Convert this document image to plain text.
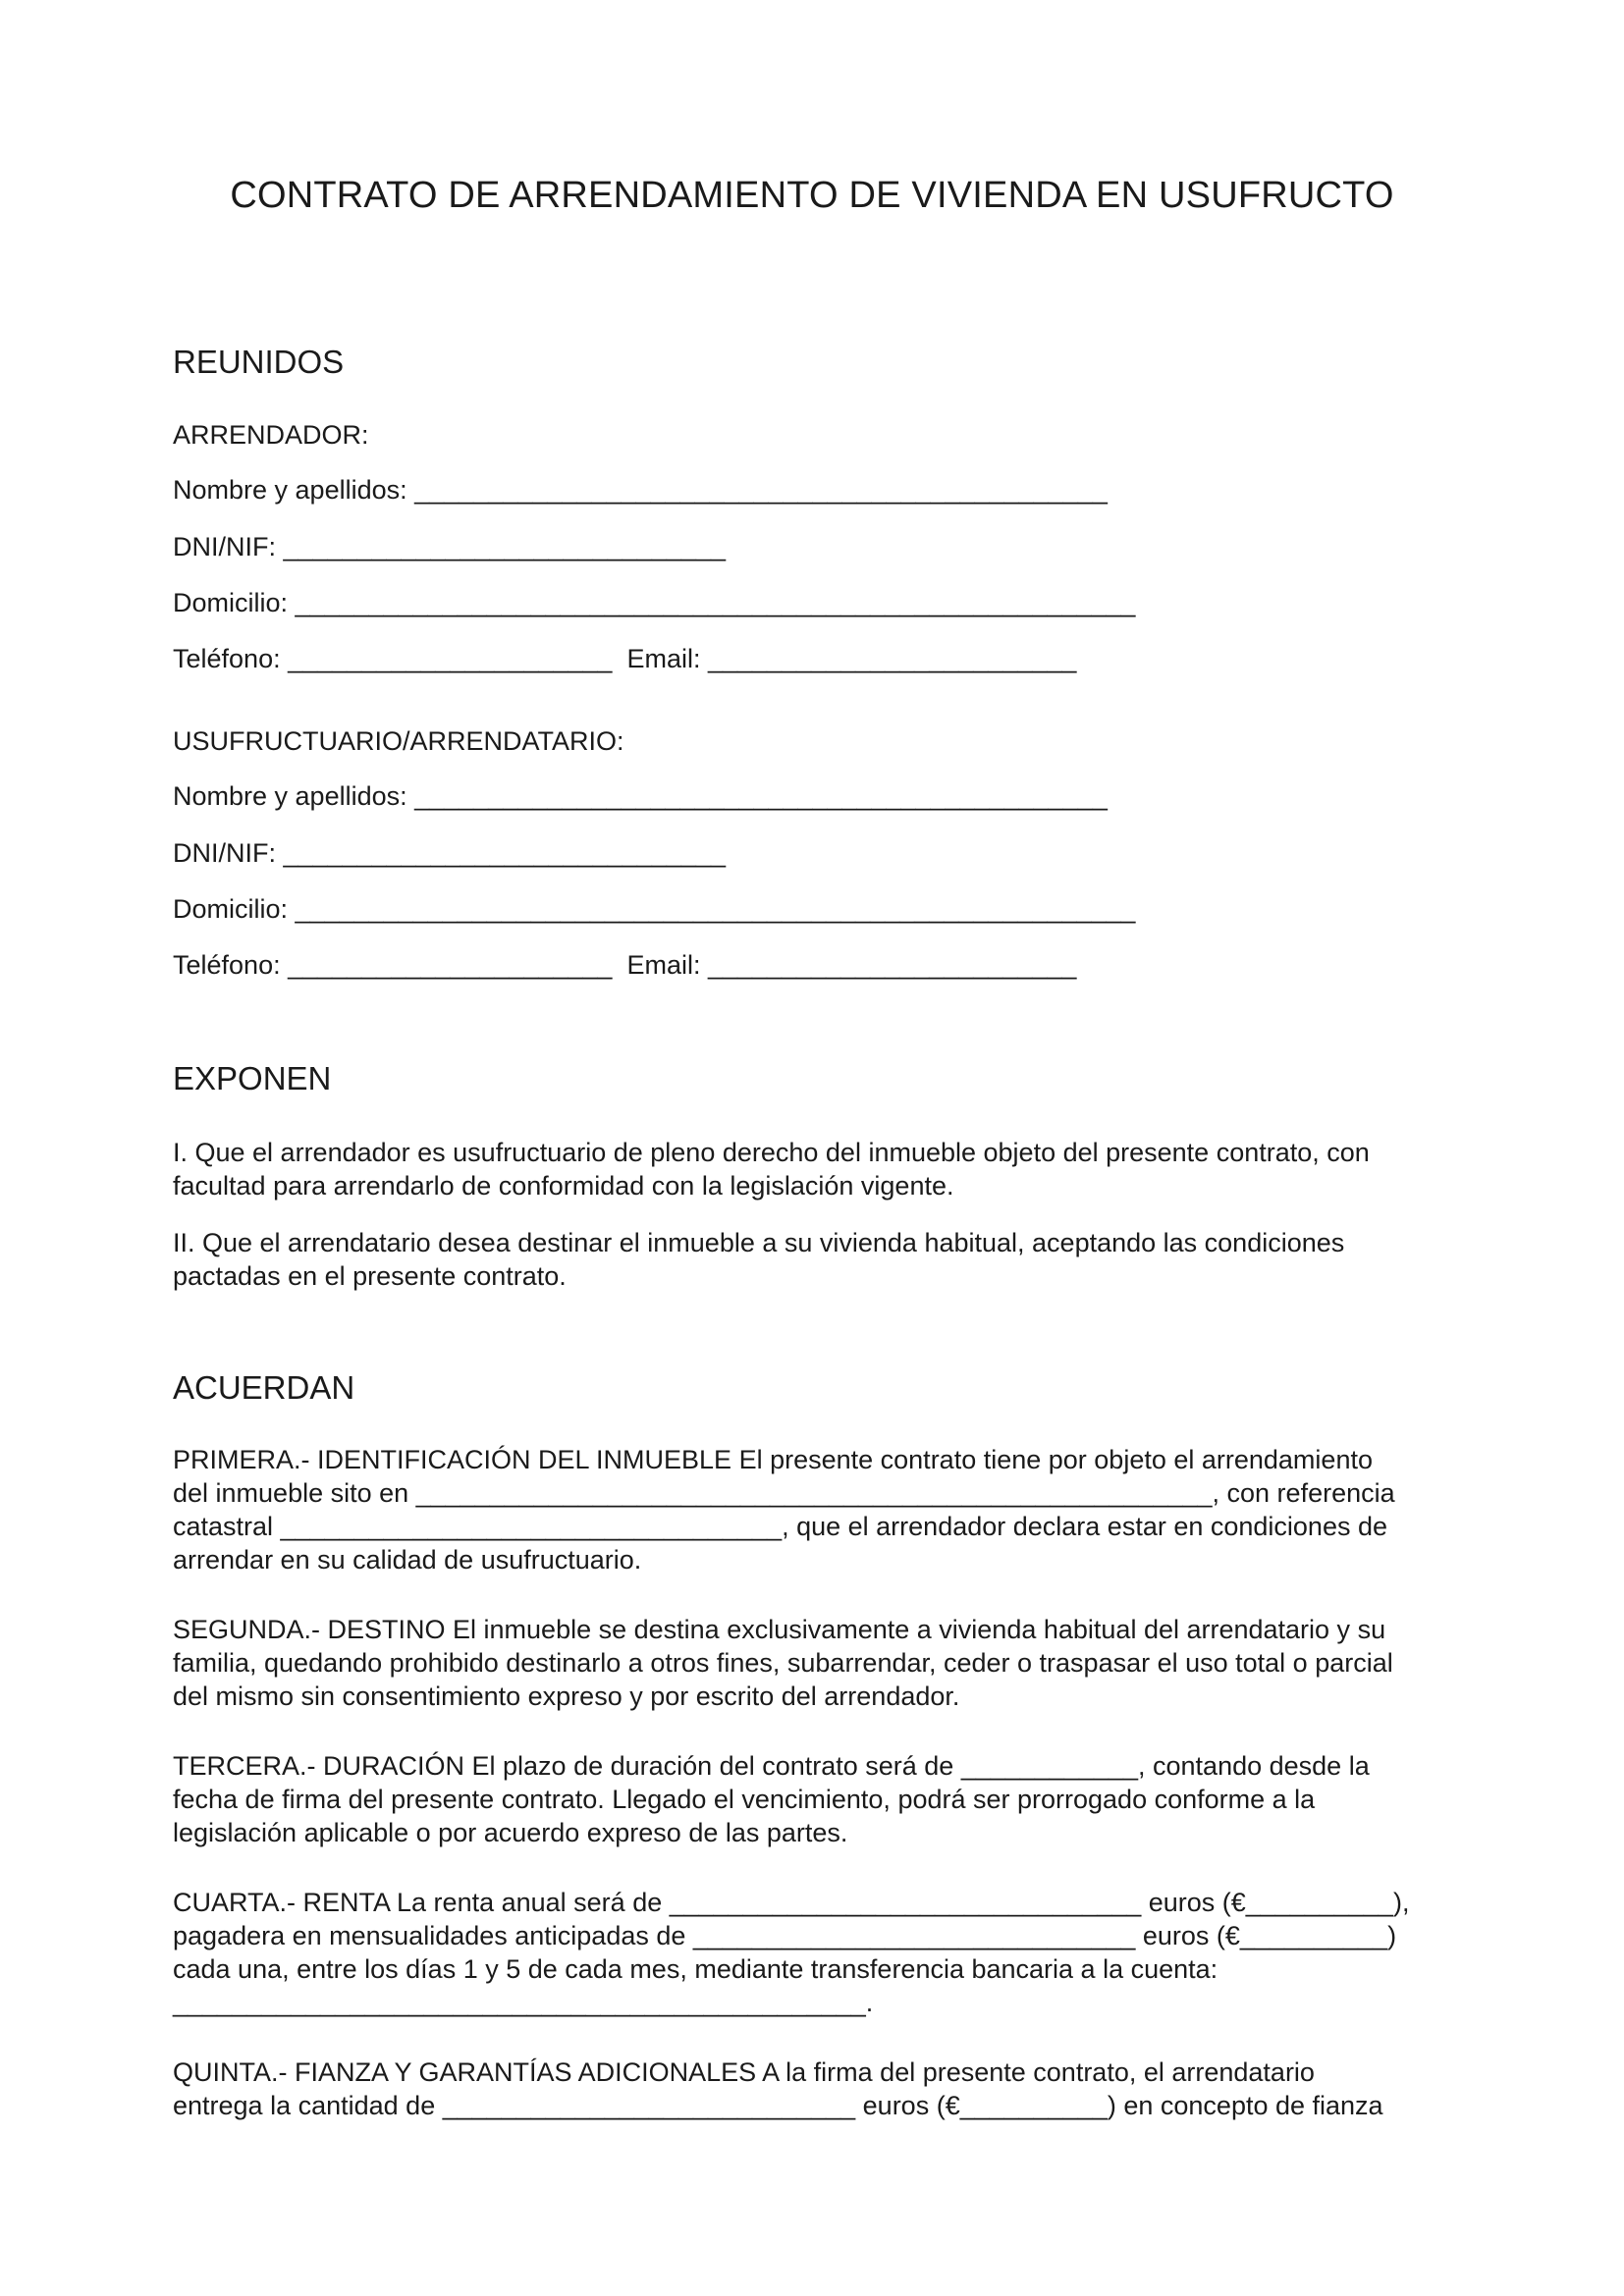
CONTRATO DE ARRENDAMIENTO DE VIVIENDA EN USUFRUCTO
REUNIDOS
ARRENDADOR:
Nombre y apellidos: _______________________________________________
DNI/NIF: ______________________________
Domicilio: _________________________________________________________
Teléfono: ______________________  Email: _________________________
USUFRUCTUARIO/ARRENDATARIO:
Nombre y apellidos: _______________________________________________
DNI/NIF: ______________________________
Domicilio: _________________________________________________________
Teléfono: ______________________  Email: _________________________
EXPONEN
I. Que el arrendador es usufructuario de pleno derecho del inmueble objeto del presente contrato, con
facultad para arrendarlo de conformidad con la legislación vigente.
II. Que el arrendatario desea destinar el inmueble a su vivienda habitual, aceptando las condiciones
pactadas en el presente contrato.
ACUERDAN
PRIMERA.- IDENTIFICACIÓN DEL INMUEBLE El presente contrato tiene por objeto el arrendamiento
del inmueble sito en ______________________________________________________, con referencia
catastral __________________________________, que el arrendador declara estar en condiciones de
arrendar en su calidad de usufructuario.
SEGUNDA.- DESTINO El inmueble se destina exclusivamente a vivienda habitual del arrendatario y su
familia, quedando prohibido destinarlo a otros fines, subarrendar, ceder o traspasar el uso total o parcial
del mismo sin consentimiento expreso y por escrito del arrendador.
TERCERA.- DURACIÓN El plazo de duración del contrato será de ____________, contando desde la
fecha de firma del presente contrato. Llegado el vencimiento, podrá ser prorrogado conforme a la
legislación aplicable o por acuerdo expreso de las partes.
CUARTA.- RENTA La renta anual será de ________________________________ euros (€__________),
pagadera en mensualidades anticipadas de ______________________________ euros (€__________)
cada una, entre los días 1 y 5 de cada mes, mediante transferencia bancaria a la cuenta:
_______________________________________________.
QUINTA.- FIANZA Y GARANTÍAS ADICIONALES A la firma del presente contrato, el arrendatario
entrega la cantidad de ____________________________ euros (€__________) en concepto de fianza
